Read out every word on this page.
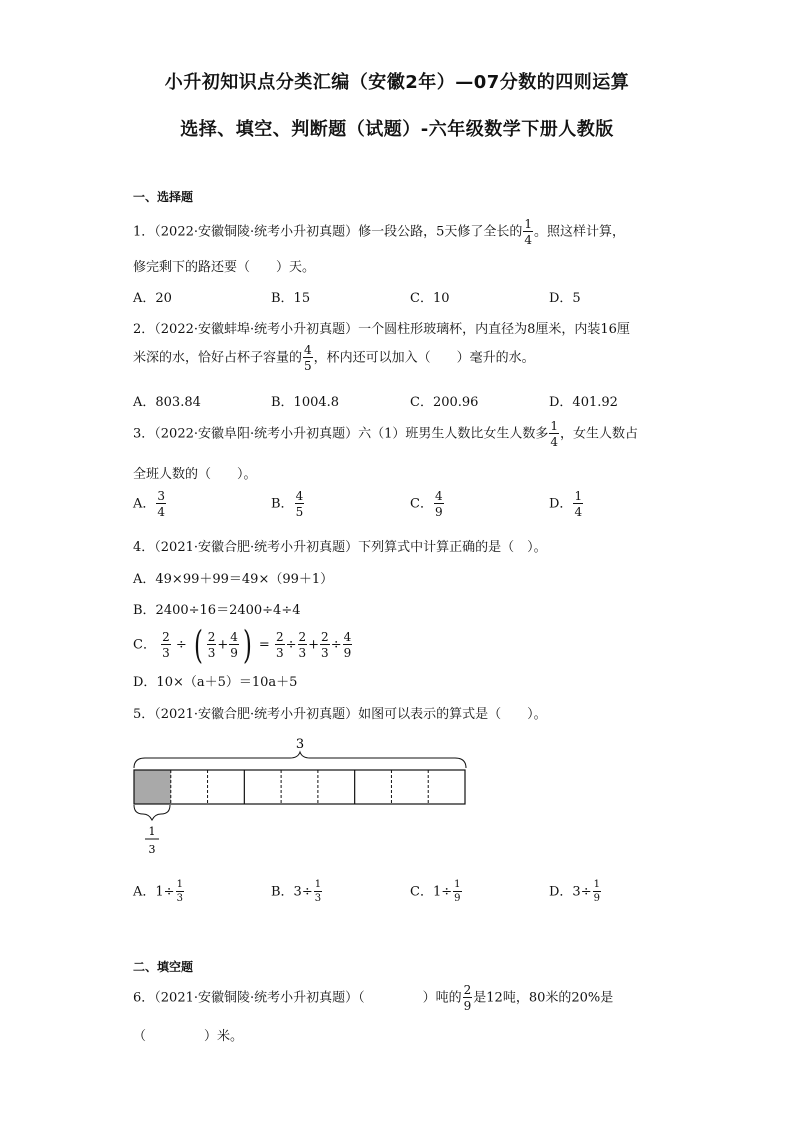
小升初知识点分类汇编（安徽2年）—07分数的四则运算
选择、填空、判断题（试题）-六年级数学下册人教版
一、选择题
1．（2022·安徽铜陵·统考小升初真题）修一段公路，5天修了全长的 $\frac{1}{4}$ 。照这样计算，
修完剩下的路还要（　　）天。
A．20	B．15	C．10	D．5
2．（2022·安徽蚌埠·统考小升初真题）一个圆柱形玻璃杯，内直径为8厘米，内装16厘
米深的水，恰好占杯子容量的 $\frac{4}{5}$ ，杯内还可以加入（　　）毫升的水。
A．803.84	B．1004.8	C．200.96	D．401.92
3．（2022·安徽阜阳·统考小升初真题）六（1）班男生人数比女生人数多 $\frac{1}{4}$ ，女生人数占
全班人数的（　　）。
A． $\frac{3}{4}$	B． $\frac{4}{5}$	C． $\frac{4}{9}$	D． $\frac{1}{4}$
4．（2021·安徽合肥·统考小升初真题）下列算式中计算正确的是（　）。
A．49×99＋99＝49×（99＋1）
B．2400÷16＝2400÷4÷4
C． $\frac{2}{3}$ ÷ ( $\frac{2}{3} + \frac{4}{9}$ ) = $\frac{2}{3} \div \frac{2}{3} + \frac{2}{3} \div \frac{4}{9}$
D．10×（a＋5）＝10a＋5
5．（2021·安徽合肥·统考小升初真题）如图可以表示的算式是（　　）。
3
1
3
A．$1\div \frac{1}{3}$	B．$3\div \frac{1}{3}$	C．$1\div \frac{1}{9}$	D．$3\div \frac{1}{9}$
二、填空题
6．（2021·安徽铜陵·统考小升初真题）（	）吨的 $\frac{2}{9}$ 是12吨，80米的20%是
（	）米。
